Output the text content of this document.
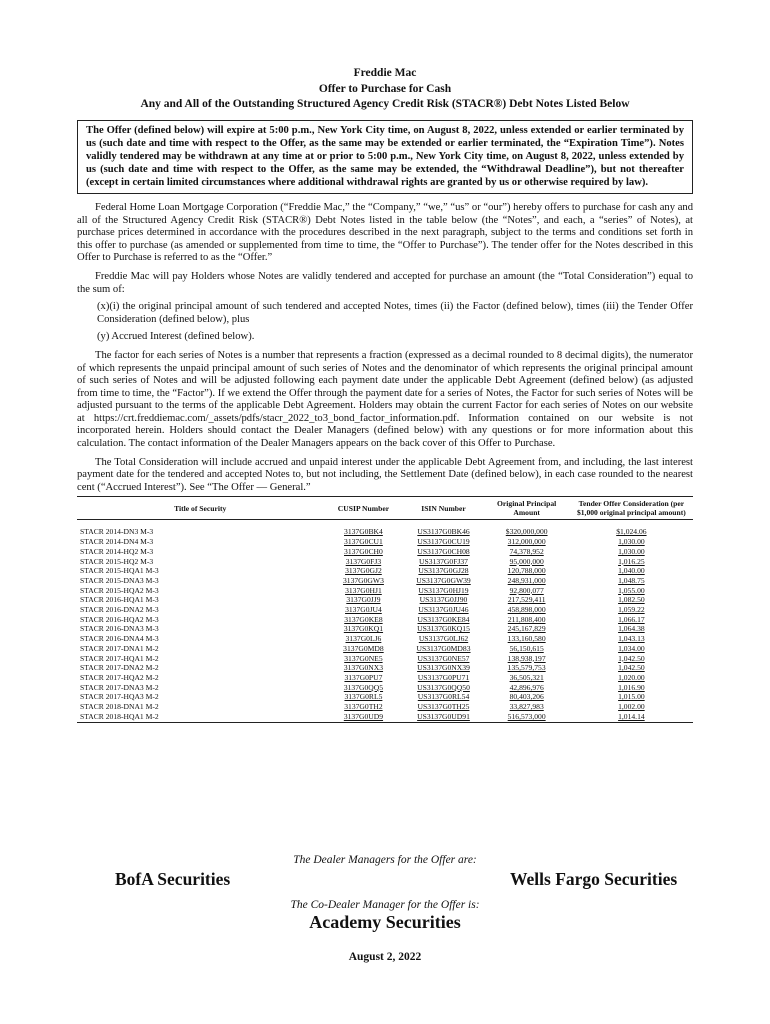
Freddie Mac
Offer to Purchase for Cash
Any and All of the Outstanding Structured Agency Credit Risk (STACR®) Debt Notes Listed Below
The Offer (defined below) will expire at 5:00 p.m., New York City time, on August 8, 2022, unless extended or earlier terminated by us (such date and time with respect to the Offer, as the same may be extended or earlier terminated, the “Expiration Time”). Notes validly tendered may be withdrawn at any time at or prior to 5:00 p.m., New York City time, on August 8, 2022, unless extended by us (such date and time with respect to the Offer, as the same may be extended, the “Withdrawal Deadline”), but not thereafter (except in certain limited circumstances where additional withdrawal rights are granted by us or otherwise required by law).

Federal Home Loan Mortgage Corporation (“Freddie Mac,” the “Company,” “we,” “us” or “our”) hereby offers to purchase for cash any and all of the Structured Agency Credit Risk (STACR®) Debt Notes listed in the table below (the “Notes”, and each, a “series” of Notes), at purchase prices determined in accordance with the procedures described in the next paragraph, subject to the terms and conditions set forth in this offer to purchase (as amended or supplemented from time to time, the “Offer to Purchase”). The tender offer for the Notes described in this Offer to Purchase is referred to as the “Offer.”

Freddie Mac will pay Holders whose Notes are validly tendered and accepted for purchase an amount (the “Total Consideration”) equal to the sum of:

(x)(i) the original principal amount of such tendered and accepted Notes, times (ii) the Factor (defined below), times (iii) the Tender Offer Consideration (defined below), plus

(y) Accrued Interest (defined below).

The factor for each series of Notes is a number that represents a fraction (expressed as a decimal rounded to 8 decimal digits), the numerator of which represents the unpaid principal amount of such series of Notes and the denominator of which represents the original principal amount of such series of Notes and will be adjusted following each payment date under the applicable Debt Agreement (defined below) (as adjusted from time to time, the “Factor”). If we extend the Offer through the payment date for a series of Notes, the Factor for such series of Notes will be adjusted pursuant to the terms of the applicable Debt Agreement. Holders may obtain the current Factor for each series of Notes on our website at https://crt.freddiemac.com/_assets/pdfs/stacr_2022_to3_bond_factor_information.pdf. Information contained on our website is not incorporated herein. Holders should contact the Dealer Managers (defined below) with any questions or for more information about this calculation. The contact information of the Dealer Managers appears on the back cover of this Offer to Purchase.

The Total Consideration will include accrued and unpaid interest under the applicable Debt Agreement from, and including, the last interest payment date for the tendered and accepted Notes to, but not including, the Settlement Date (defined below), in each case rounded to the nearest cent (“Accrued Interest”). See “The Offer — General.”

Title of Security	CUSIP Number	ISIN Number	Original Principal Amount	Tender Offer Consideration (per $1,000 original principal amount)

STACR 2014-DN3 M-3	3137G0BK4	US3137G0BK46	$320,000,000	$1,024.06
STACR 2014-DN4 M-3	3137G0CU1	US3137G0CU19	312,000,000	1,030.00
STACR 2014-HQ2 M-3	3137G0CH0	US3137G0CH08	74,378,952	1,030.00
STACR 2015-HQ2 M-3	3137G0FJ3	US3137G0FJ37	95,000,000	1,016.25
STACR 2015-HQA1 M-3	3137G0GJ2	US3137G0GJ28	120,788,000	1,040.00
STACR 2015-DNA3 M-3	3137G0GW3	US3137G0GW39	248,931,000	1,048.75
STACR 2015-HQA2 M-3	3137G0HJ1	US3137G0HJ19	92,800,077	1,055.00
STACR 2016-HQA1 M-3	3137G0JJ9	US3137G0JJ90	217,529,411	1,082.50
STACR 2016-DNA2 M-3	3137G0JU4	US3137G0JU46	458,898,000	1,059.22
STACR 2016-HQA2 M-3	3137G0KE8	US3137G0KE84	211,808,400	1,066.17
STACR 2016-DNA3 M-3	3137G0KQ1	US3137G0KQ15	245,167,829	1,064.38
STACR 2016-DNA4 M-3	3137G0LJ6	US3137G0LJ62	133,160,580	1,043.13
STACR 2017-DNA1 M-2	3137G0MD8	US3137G0MD83	56,150,615	1,034.00
STACR 2017-HQA1 M-2	3137G0NE5	US3137G0NE57	138,938,197	1,042.50
STACR 2017-DNA2 M-2	3137G0NX3	US3137G0NX39	135,579,753	1,042.50
STACR 2017-HQA2 M-2	3137G0PU7	US3137G0PU71	36,505,321	1,020.00
STACR 2017-DNA3 M-2	3137G0QQ5	US3137G0QQ50	42,896,976	1,016.90
STACR 2017-HQA3 M-2	3137G0RL5	US3137G0RL54	80,403,206	1,015.00
STACR 2018-DNA1 M-2	3137G0TH2	US3137G0TH25	33,827,983	1,002.00
STACR 2018-HQA1 M-2	3137G0UD9	US3137G0UD91	516,573,000	1,014.14
The Dealer Managers for the Offer are:
BofA Securities	Wells Fargo Securities
The Co-Dealer Manager for the Offer is:
Academy Securities
August 2, 2022
